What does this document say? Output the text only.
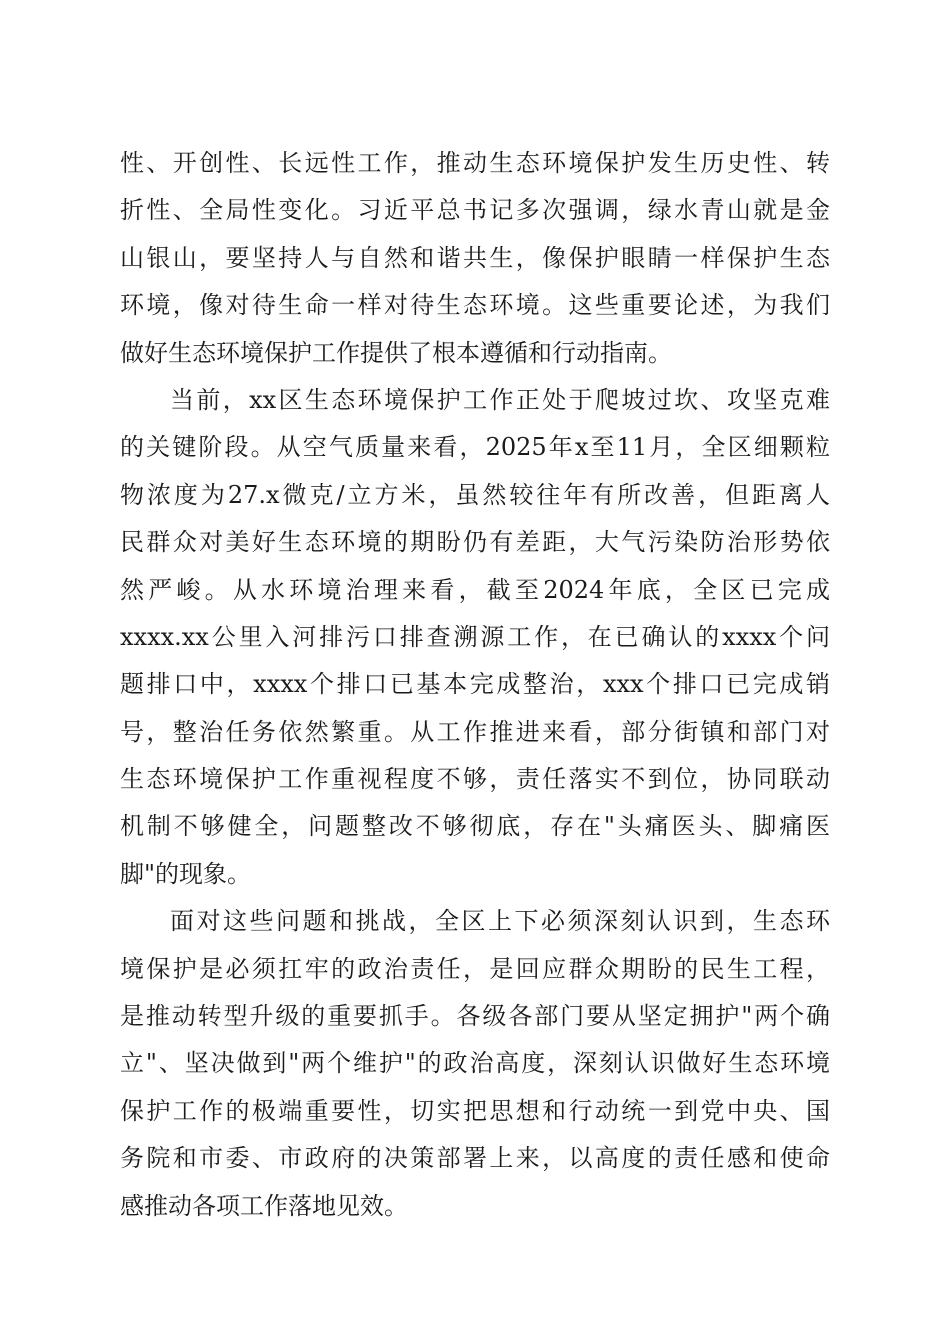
性、开创性、长远性工作，推动生态环境保护发生历史性、转
折性、全局性变化。习近平总书记多次强调，绿水青山就是金
山银山，要坚持人与自然和谐共生，像保护眼睛一样保护生态
环境，像对待生命一样对待生态环境。这些重要论述，为我们
做好生态环境保护工作提供了根本遵循和行动指南。
当前，xx区生态环境保护工作正处于爬坡过坎、攻坚克难
的关键阶段。从空气质量来看，2025年x至11月，全区细颗粒
物浓度为27.x微克/立方米，虽然较往年有所改善，但距离人
民群众对美好生态环境的期盼仍有差距，大气污染防治形势依
然严峻。从水环境治理来看，截至2024年底，全区已完成
xxxx.xx公里入河排污口排查溯源工作，在已确认的xxxx个问
题排口中，xxxx个排口已基本完成整治，xxx个排口已完成销
号，整治任务依然繁重。从工作推进来看，部分街镇和部门对
生态环境保护工作重视程度不够，责任落实不到位，协同联动
机制不够健全，问题整改不够彻底，存在"头痛医头、脚痛医
脚"的现象。
面对这些问题和挑战，全区上下必须深刻认识到，生态环
境保护是必须扛牢的政治责任，是回应群众期盼的民生工程，
是推动转型升级的重要抓手。各级各部门要从坚定拥护"两个确
立"、坚决做到"两个维护"的政治高度，深刻认识做好生态环境
保护工作的极端重要性，切实把思想和行动统一到党中央、国
务院和市委、市政府的决策部署上来，以高度的责任感和使命
感推动各项工作落地见效。
